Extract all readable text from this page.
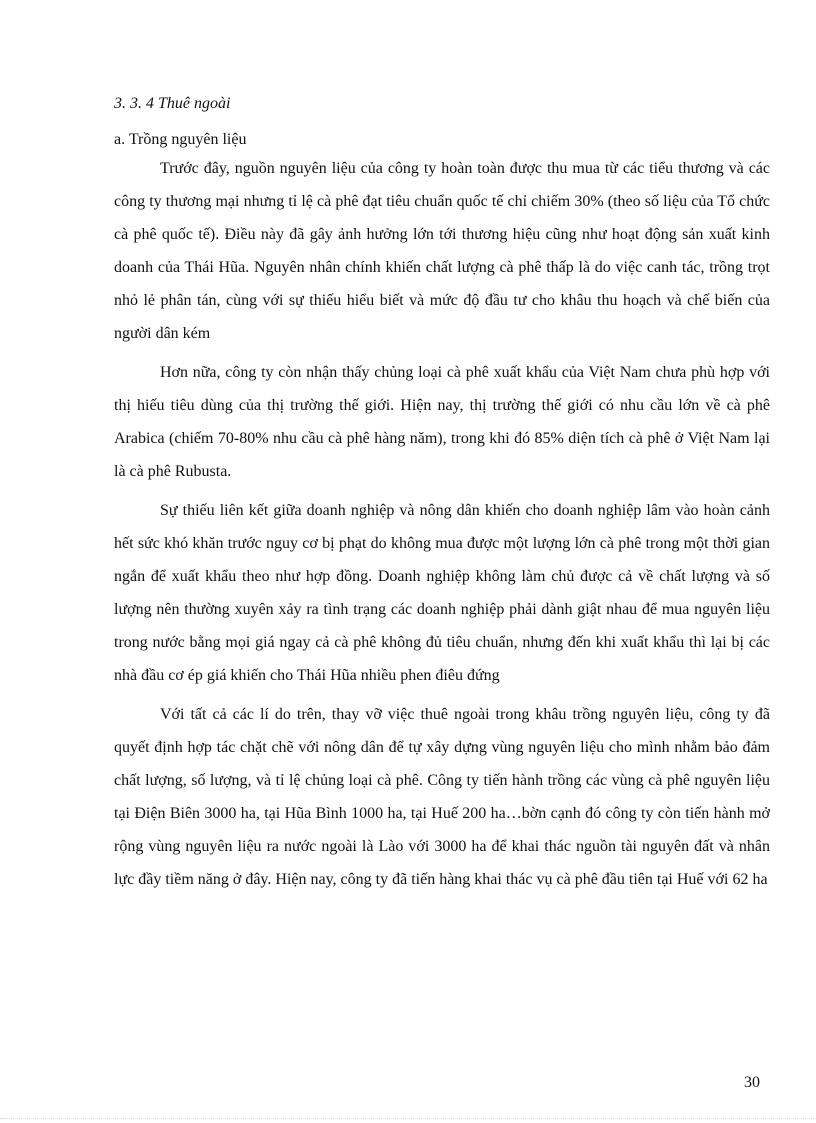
3. 3. 4 Thuê ngoài

a. Trồng nguyên liệu

Trước đây, nguồn nguyên liệu của công ty hoàn toàn được thu mua từ các tiểu thương và các công ty thương mại nhưng tỉ lệ cà phê đạt tiêu chuẩn quốc tế chỉ chiếm 30% (theo số liệu của Tổ chức cà phê quốc tế). Điều này đã gây ảnh hưởng lớn tới thương hiệu cũng như hoạt động sản xuất kinh doanh của Thái Hũa. Nguyên nhân chính khiến chất lượng cà phê thấp là do việc canh tác, trồng trọt nhỏ lẻ phân tán, cùng với sự thiếu hiểu biết và mức độ đầu tư cho khâu thu hoạch và chế biến của người dân kém

Hơn nữa, công ty còn nhận thấy chủng loại cà phê xuất khẩu của Việt Nam chưa phù hợp với thị hiếu tiêu dùng của thị trường thế giới. Hiện nay, thị trường thế giới có nhu cầu lớn về cà phê Arabica (chiếm 70-80% nhu cầu cà phê hàng năm), trong khi đó 85% diện tích cà phê ở Việt Nam lại là cà phê Rubusta.

Sự thiếu liên kết giữa doanh nghiệp và nông dân khiến cho doanh nghiệp lâm vào hoàn cảnh hết sức khó khăn trước nguy cơ bị phạt do không mua được một lượng lớn cà phê trong một thời gian ngắn để xuất khẩu theo như hợp đồng. Doanh nghiệp không làm chủ được cả về chất lượng và số lượng nên thường xuyên xảy ra tình trạng các doanh nghiệp phải dành giật nhau để mua nguyên liệu trong nước bằng mọi giá ngay cả cà phê không đủ tiêu chuẩn, nhưng đến khi xuất khẩu thì lại bị các nhà đầu cơ ép giá khiến cho Thái Hũa nhiều phen điêu đứng

Với tất cả các lí do trên, thay vỡ việc thuê ngoài trong khâu trồng nguyên liệu, công ty đã quyết định hợp tác chặt chẽ với nông dân để tự xây dựng vùng nguyên liệu cho mình nhằm bảo đảm chất lượng, số lượng, và tỉ lệ chủng loại cà phê. Công ty tiến hành trồng các vùng cà phê nguyên liệu tại Điện Biên 3000 ha, tại Hũa Bình 1000 ha, tại Huế 200 ha…bờn cạnh đó công ty còn tiến hành mở rộng vùng nguyên liệu ra nước ngoài là Lào với 3000 ha để khai thác nguồn tài nguyên đất và nhân lực đầy tiềm năng ở đây. Hiện nay, công ty đã tiến hàng khai thác vụ cà phê đầu tiên tại Huế với 62 ha

30
